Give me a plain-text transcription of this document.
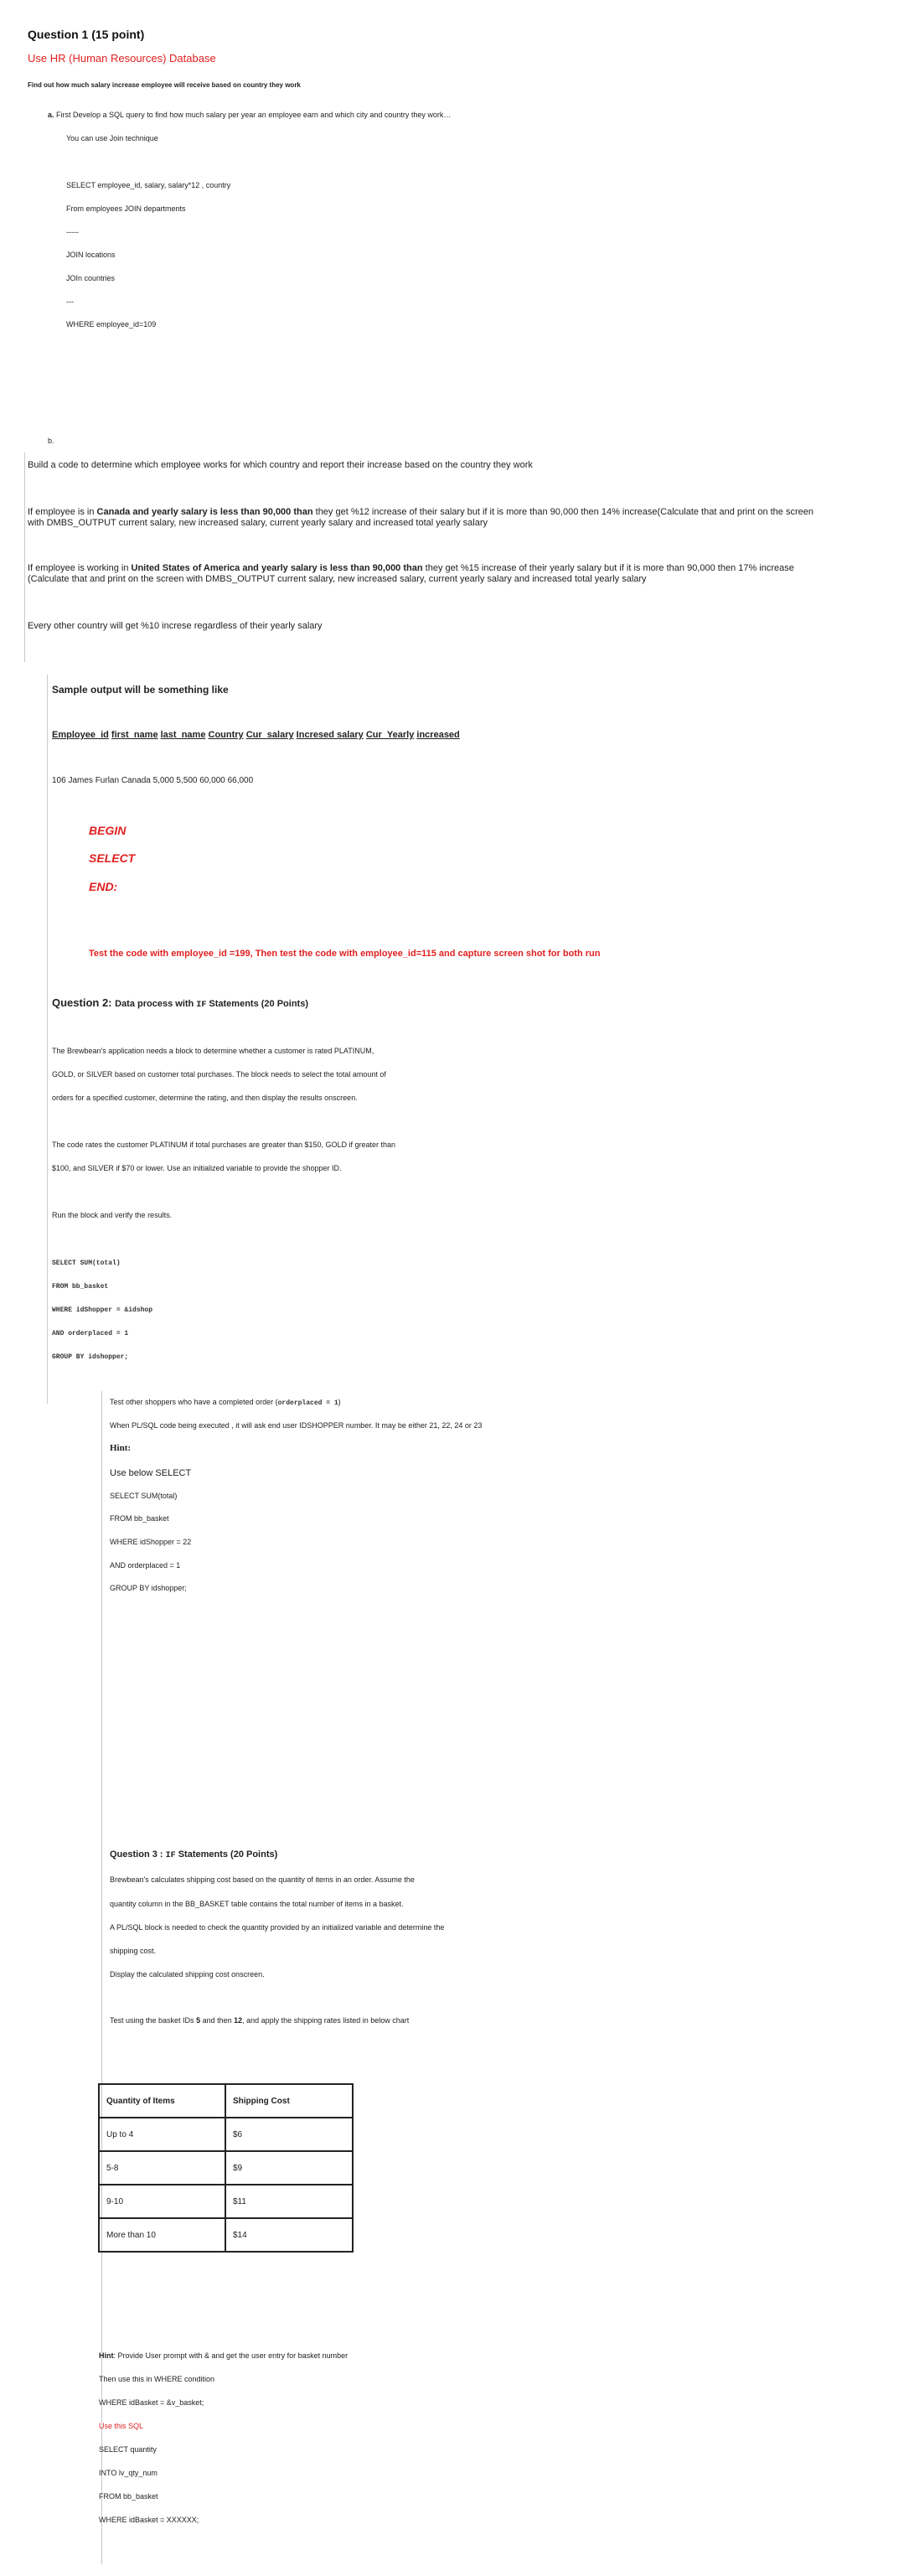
Question 1 (15 point)
Use HR (Human Resources) Database
Find out how much salary increase employee will receive based on country they work
a. First Develop a SQL query to find how much salary per year an employee earn and which city and country they work…
You can use Join technique
SELECT employee_id, salary, salary*12 , country
From employees JOIN departments
-----
JOIN locations
JOIn countries
---
WHERE employee_id=109
b.
Build a code to determine which employee works for which country and report their increase based on the country they work
If employee is in Canada and yearly salary is less than 90,000 than they get %12 increase of their salary but if it is more than 90,000 then 14% increase(Calculate that and print on the screen
with DMBS_OUTPUT current salary, new increased salary, current yearly salary and increased total yearly salary
If employee is working in United States of America and yearly salary is less than 90,000 than they get %15 increase of their yearly salary but if it is more than 90,000 then 17% increase
(Calculate that and print on the screen with DMBS_OUTPUT current salary, new increased salary, current yearly salary and increased total yearly salary
Every other country will get %10 increse regardless of their yearly salary
Sample output will be something like
Employee_id first_name last_name Country Cur_salary Incresed salary Cur_Yearly increased
106 James Furlan Canada 5,000 5,500 60,000 66,000
BEGIN
SELECT
END:
Test the code with employee_id =199, Then test the code with employee_id=115 and capture screen shot for both run
Question 2: Data process with IF Statements (20 Points)
The Brewbean's application needs a block to determine whether a customer is rated PLATINUM,
GOLD, or SILVER based on customer total purchases. The block needs to select the total amount of
orders for a specified customer, determine the rating, and then display the results onscreen.
The code rates the customer PLATINUM if total purchases are greater than $150, GOLD if greater than
$100, and SILVER if $70 or lower. Use an initialized variable to provide the shopper ID.
Run the block and verify the results.
SELECT SUM(total)
FROM bb_basket
WHERE idShopper = &idshop
AND orderplaced = 1
GROUP BY idshopper;
Test other shoppers who have a completed order (orderplaced = 1)
When PL/SQL code being executed , it will ask end user IDSHOPPER number. It may be either 21, 22, 24 or 23
Hint:
Use below SELECT
SELECT SUM(total)
FROM bb_basket
WHERE idShopper = 22
AND orderplaced = 1
GROUP BY idshopper;
Question 3 : IF Statements (20 Points)
Brewbean's calculates shipping cost based on the quantity of items in an order. Assume the
quantity column in the BB_BASKET table contains the total number of items in a basket.
A PL/SQL block is needed to check the quantity provided by an initialized variable and determine the
shipping cost.
Display the calculated shipping cost onscreen.
Test using the basket IDs 5 and then 12, and apply the shipping rates listed in below chart
Quantity of Items	Shipping Cost
Up to 4	$6
5-8	$9
9-10	$11
More than 10	$14
Hint: Provide User prompt with & and get the user entry for basket number
Then use this in WHERE condition
WHERE idBasket = &v_basket;
Use this SQL
SELECT quantity
INTO lv_qty_num
FROM bb_basket
WHERE idBasket = XXXXXX;
